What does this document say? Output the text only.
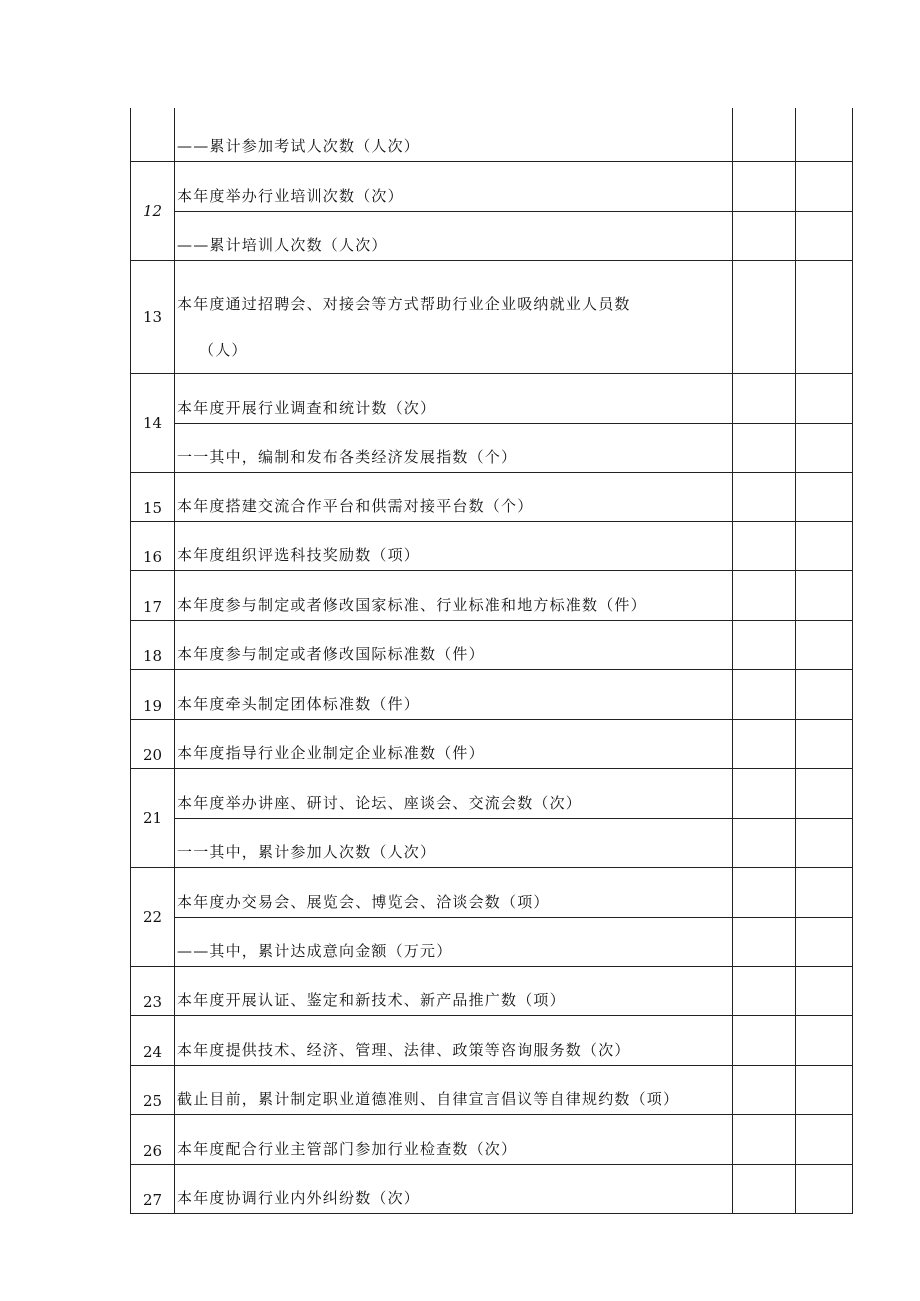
	——累计参加考试人次数（人次）		
12	本年度举办行业培训次数（次）		
	——累计培训人次数（人次）		
13	本年度通过招聘会、对接会等方式帮助行业企业吸纳就业人员数
（人）		

14	本年度开展行业调查和统计数（次）		
	一一其中，编制和发布各类经济发展指数（个）		
15	本年度搭建交流合作平台和供需对接平台数（个）		
16	本年度组织评选科技奖励数（项）		
17	本年度参与制定或者修改国家标准、行业标准和地方标准数（件）		
18	本年度参与制定或者修改国际标准数（件）		
19	本年度牵头制定团体标准数（件）		
20	本年度指导行业企业制定企业标准数（件）		
21	本年度举办讲座、研讨、论坛、座谈会、交流会数（次）		
	一一其中，累计参加人次数（人次）		
22	本年度办交易会、展览会、博览会、洽谈会数（项）		
	——其中，累计达成意向金额（万元）		
23	本年度开展认证、鉴定和新技术、新产品推广数（项）		
24	本年度提供技术、经济、管理、法律、政策等咨询服务数（次）		
25	截止目前，累计制定职业道德准则、自律宣言倡议等自律规约数（项）		
26	本年度配合行业主管部门参加行业检查数（次）		
27	本年度协调行业内外纠纷数（次）		
